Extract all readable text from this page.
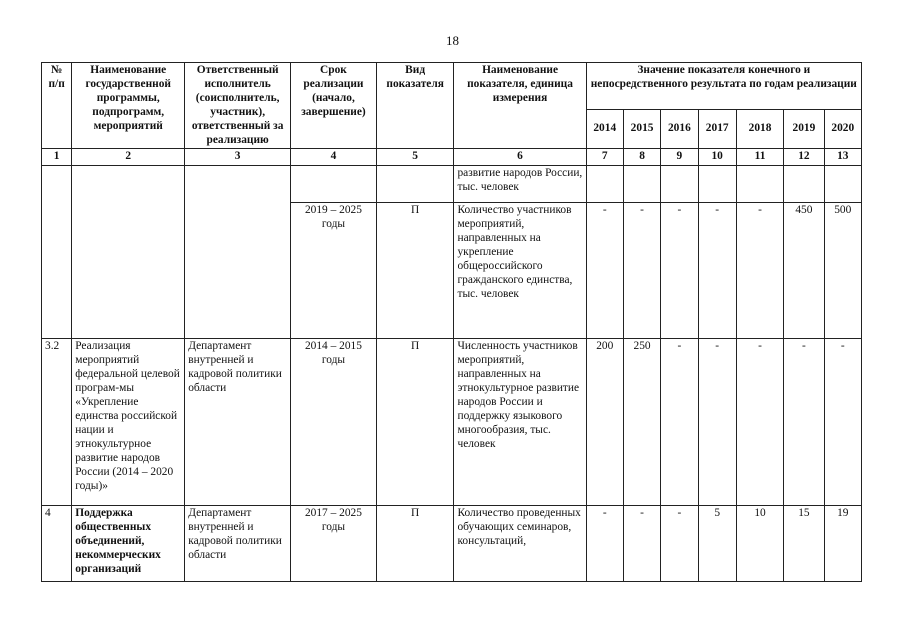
18
№ п/п	Наименование государственной программы, подпрограмм, мероприятий	Ответственный исполнитель (соисполнитель, участник), ответственный за реализацию	Срок реализации (начало, завершение)	Вид показателя	Наименование показателя, единица измерения	Значение показателя конечного и непосредственного результата по годам реализации						
						2014	2015	2016	2017	2018	2019	2020
1	2	3	4	5	6	7	8	9	10	11	12	13
					развитие народов России, тыс. человек							
			2019 – 2025 годы	П	Количество участников мероприятий, направленных на укрепление общероссийского гражданского единства, тыс. человек	-	-	-	-	-	450	500
3.2	Реализация мероприятий федеральной целевой програм-мы «Укрепление единства российской нации и этнокультурное развитие народов России (2014 – 2020 годы)»	Департамент внутренней и кадровой политики области	2014 – 2015 годы	П	Численность участников мероприятий, направленных на этнокультурное развитие народов России и поддержку языкового многообразия, тыс. человек	200	250	-	-	-	-	-
4	Поддержка общественных объединений, некоммерческих организаций	Департамент внутренней и кадровой политики области	2017 – 2025 годы	П	Количество проведенных обучающих семинаров, консультаций,	-	-	-	5	10	15	19
